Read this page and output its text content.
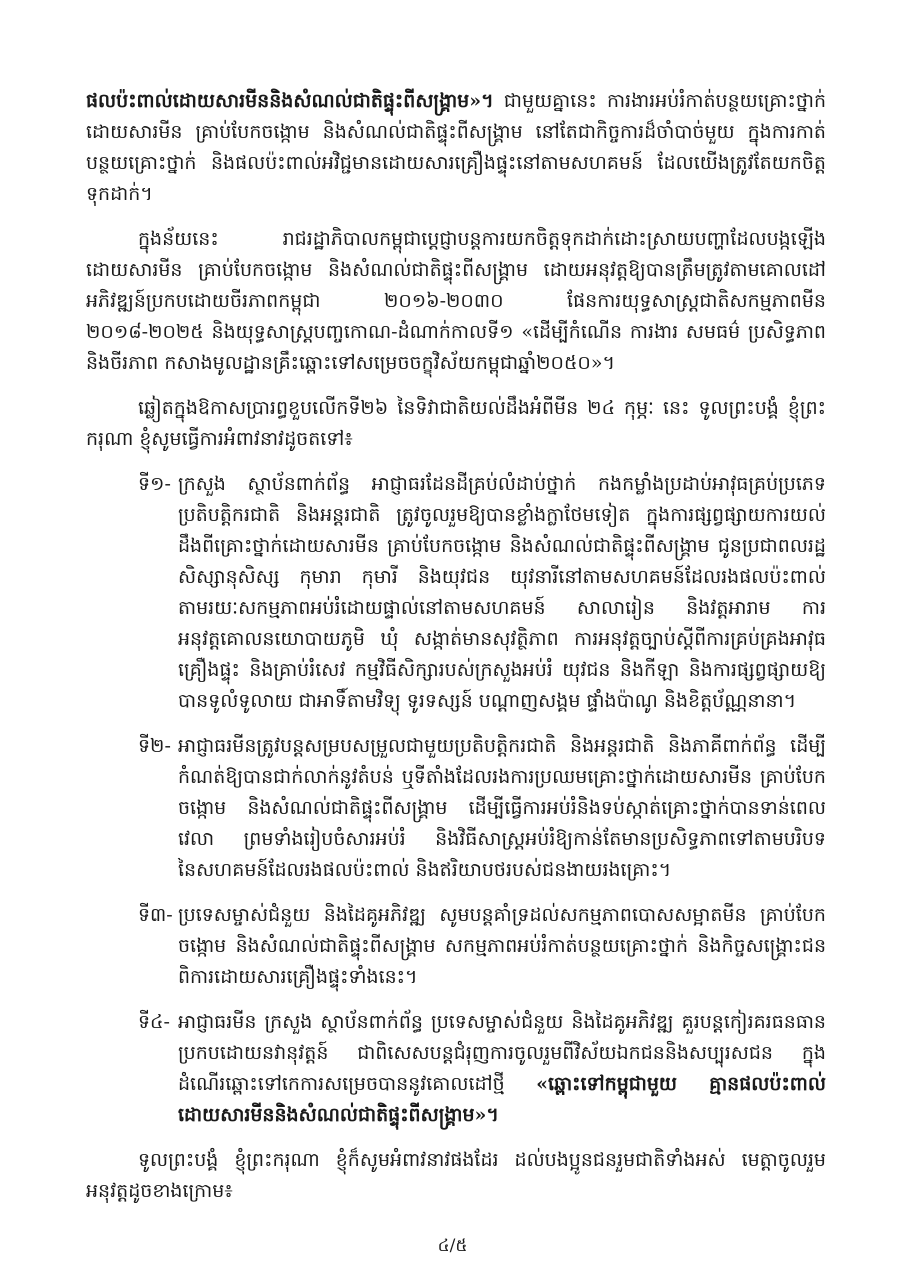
ផលប៉ះពាល់ដោយសារមីននិងសំណល់ជាតិផ្ទុះពីសង្គ្រាម»។ ជាមួយគ្នានេះ ការងារអប់រំកាត់បន្ថយគ្រោះថ្នាក់ដោយសារមីន គ្រាប់បែកចង្កោម និងសំណល់ជាតិផ្ទុះពីសង្គ្រាម នៅតែជាកិច្ចការដ៏ចាំបាច់មួយ ក្នុងការកាត់បន្ថយគ្រោះថ្នាក់ និងផលប៉ះពាល់អវិជ្ជមានដោយសារគ្រឿងផ្ទុះនៅតាមសហគមន៍ ដែលយើងត្រូវតែយកចិត្តទុកដាក់។

ក្នុងន័យនេះ រាជរដ្ឋាភិបាលកម្ពុជាប្តេជ្ញាបន្តការយកចិត្តទុកដាក់ដោះស្រាយបញ្ហាដែលបង្កឡើងដោយសារមីន គ្រាប់បែកចង្កោម និងសំណល់ជាតិផ្ទុះពីសង្គ្រាម ដោយអនុវត្តឱ្យបានត្រឹមត្រូវតាមគោលដៅអភិវឌ្ឍន៍ប្រកបដោយចីរភាពកម្ពុជា ២០១៦-២០៣០ ផែនការយុទ្ធសាស្ត្រជាតិសកម្មភាពមីន ២០១៨-២០២៥ និងយុទ្ធសាស្ត្របញ្ចកោណ-ដំណាក់កាលទី១ «ដើម្បីកំណើន ការងារ សមធម៌ ប្រសិទ្ធភាព និងចីរភាព កសាងមូលដ្ឋានគ្រឹះឆ្ពោះទៅសម្រេចចក្ខុវិស័យកម្ពុជាឆ្នាំ២០៥០»។

ឆ្លៀតក្នុងឱកាសប្រារព្ធខួបលើកទី២៦ នៃទិវាជាតិយល់ដឹងអំពីមីន ២៤ កុម្ភៈ នេះ ទូលព្រះបង្គំ ខ្ញុំព្រះករុណា ខ្ញុំសូមធ្វើការអំពាវនាវដូចតទៅ៖

ទី១- ក្រសួង ស្ថាប័នពាក់ព័ន្ធ អាជ្ញាធរដែនដីគ្រប់លំដាប់ថ្នាក់ កងកម្លាំងប្រដាប់អាវុធគ្រប់ប្រភេទ ប្រតិបត្តិករជាតិ និងអន្តរជាតិ ត្រូវចូលរួមឱ្យបានខ្លាំងក្លាថែមទៀត ក្នុងការផ្សព្វផ្សាយការយល់ដឹងពីគ្រោះថ្នាក់ដោយសារមីន គ្រាប់បែកចង្កោម និងសំណល់ជាតិផ្ទុះពីសង្គ្រាម ជូនប្រជាពលរដ្ឋ សិស្សានុសិស្ស កុមារា កុមារី និងយុវជន យុវនារីនៅតាមសហគមន៍ដែលរងផលប៉ះពាល់ តាមរយៈសកម្មភាពអប់រំដោយផ្ទាល់នៅតាមសហគមន៍ សាលារៀន និងវត្តអារាម ការអនុវត្តគោលនយោបាយភូមិ ឃុំ សង្កាត់មានសុវត្ថិភាព ការអនុវត្តច្បាប់ស្តីពីការគ្រប់គ្រងអាវុធ គ្រឿងផ្ទុះ និងគ្រាប់រំសេវ កម្មវិធីសិក្សារបស់ក្រសួងអប់រំ យុវជន និងកីឡា និងការផ្សព្វផ្សាយឱ្យបានទូលំទូលាយ ជាអាទិ៍តាមវិទ្យុ ទូរទស្សន៍ បណ្តាញសង្គម ផ្ទាំងប៉ាណូ និងខិត្តប័ណ្ណនានា។
ទី២- អាជ្ញាធរមីនត្រូវបន្តសម្របសម្រួលជាមួយប្រតិបត្តិករជាតិ និងអន្តរជាតិ និងភាគីពាក់ព័ន្ធ ដើម្បីកំណត់ឱ្យបានជាក់លាក់នូវតំបន់ ឬទីតាំងដែលរងការប្រឈមគ្រោះថ្នាក់ដោយសារមីន គ្រាប់បែកចង្កោម និងសំណល់ជាតិផ្ទុះពីសង្គ្រាម ដើម្បីធ្វើការអប់រំនិងទប់ស្កាត់គ្រោះថ្នាក់បានទាន់ពេលវេលា ព្រមទាំងរៀបចំសារអប់រំ និងវិធីសាស្ត្រអប់រំឱ្យកាន់តែមានប្រសិទ្ធភាពទៅតាមបរិបទនៃសហគមន៍ដែលរងផលប៉ះពាល់ និងឥរិយាបថរបស់ជនងាយរងគ្រោះ។
ទី៣- ប្រទេសម្ចាស់ជំនួយ និងដៃគូអភិវឌ្ឍ សូមបន្តគាំទ្រដល់សកម្មភាពបោសសម្អាតមីន គ្រាប់បែកចង្កោម និងសំណល់ជាតិផ្ទុះពីសង្គ្រាម សកម្មភាពអប់រំកាត់បន្ថយគ្រោះថ្នាក់ និងកិច្ចសង្គ្រោះជនពិការដោយសារគ្រឿងផ្ទុះទាំងនេះ។
ទី៤- អាជ្ញាធរមីន ក្រសួង ស្ថាប័នពាក់ព័ន្ធ ប្រទេសម្ចាស់ជំនួយ និងដៃគូអភិវឌ្ឍ គួរបន្តកៀរគរធនធានប្រកបដោយនវានុវត្តន៍ ជាពិសេសបន្តជំរុញការចូលរួមពីវិស័យឯកជននិងសប្បុរសជន ក្នុងដំណើរឆ្ពោះទៅកេការសម្រេចបាននូវគោលដៅថ្មី «ឆ្ពោះទៅកម្ពុជាមួយ គ្មានផលប៉ះពាល់ដោយសារមីននិងសំណល់ជាតិផ្ទុះពីសង្គ្រាម»។

ទូលព្រះបង្គំ ខ្ញុំព្រះករុណា ខ្ញុំក៏សូមអំពាវនាវផងដែរ ដល់បងប្អូនជនរួមជាតិទាំងអស់ មេត្តាចូលរួមអនុវត្តដូចខាងក្រោម៖

៤/៥
